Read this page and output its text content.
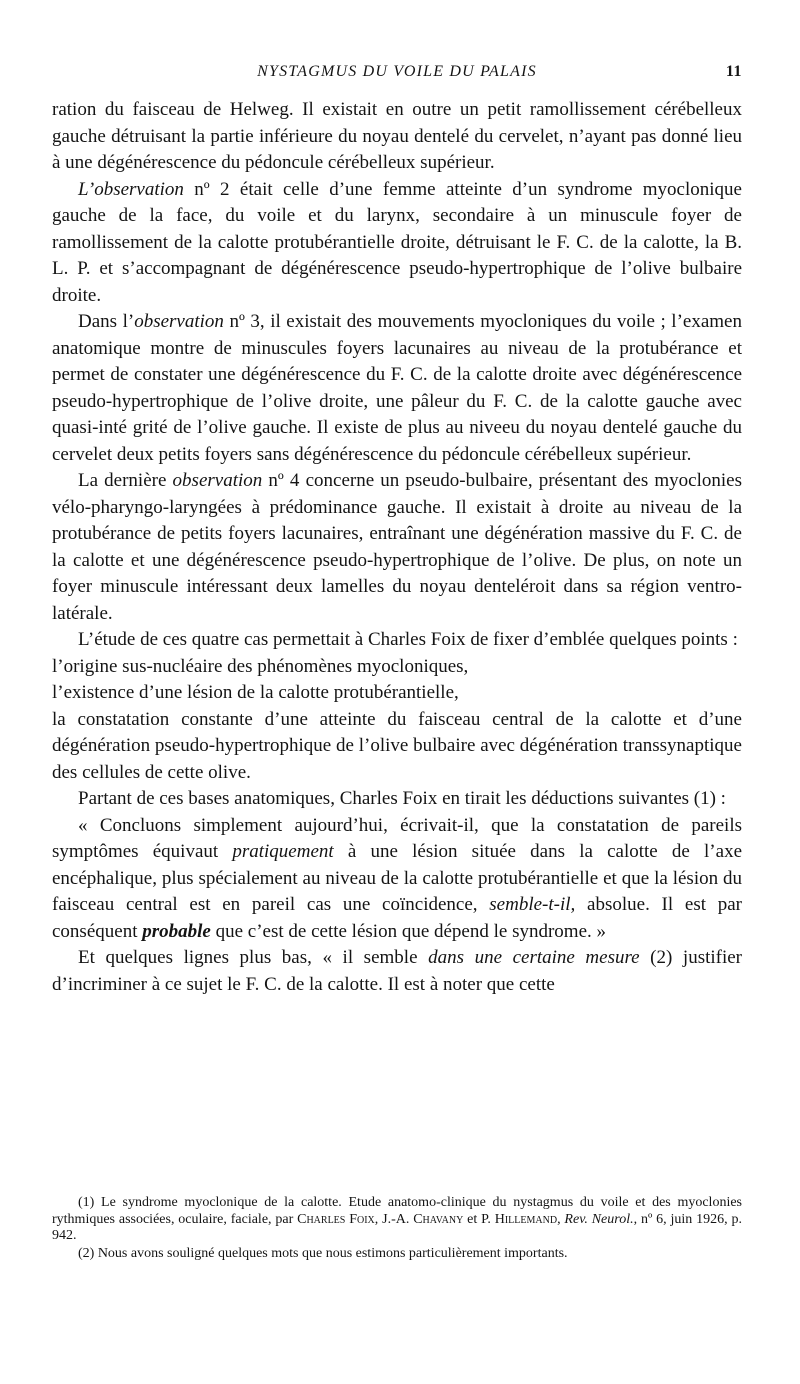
NYSTAGMUS DU VOILE DU PALAIS	11

ration du faisceau de Helweg. Il existait en outre un petit ramollissement cérébelleux gauche détruisant la partie inférieure du noyau dentelé du cervelet, n’ayant pas donné lieu à une dégénérescence du pédoncule cérébelleux supérieur.

L’observation nº 2 était celle d’une femme atteinte d’un syndrome myoclonique gauche de la face, du voile et du larynx, secondaire à un minuscule foyer de ramollissement de la calotte protubérantielle droite, détruisant le F. C. de la calotte, la B. L. P. et s’accompagnant de dégénérescence pseudo-hypertrophique de l’olive bulbaire droite.

Dans l’observation nº 3, il existait des mouvements myocloniques du voile ; l’examen anatomique montre de minuscules foyers lacunaires au niveau de la protubérance et permet de constater une dégénérescence du F. C. de la calotte droite avec dégénérescence pseudo-hypertrophique de l’olive droite, une pâleur du F. C. de la calotte gauche avec quasi-inté grité de l’olive gauche. Il existe de plus au niveeu du noyau dentelé gauche du cervelet deux petits foyers sans dégénérescence du pédoncule cérébelleux supérieur.

La dernière observation nº 4 concerne un pseudo-bulbaire, présentant des myoclonies vélo-pharyngo-laryngées à prédominance gauche. Il existait à droite au niveau de la protubérance de petits foyers lacunaires, entraînant une dégénération massive du F. C. de la calotte et une dégénérescence pseudo-hypertrophique de l’olive. De plus, on note un foyer minuscule intéressant deux lamelles du noyau denteléroit dans sa région ventro-latérale.

L’étude de ces quatre cas permettait à Charles Foix de fixer d’emblée quelques points :

l’origine sus-nucléaire des phénomènes myocloniques,

l’existence d’une lésion de la calotte protubérantielle,

la constatation constante d’une atteinte du faisceau central de la calotte et d’une dégénération pseudo-hypertrophique de l’olive bulbaire avec dégénération transsynaptique des cellules de cette olive.

Partant de ces bases anatomiques, Charles Foix en tirait les déductions suivantes (1) :

« Concluons simplement aujourd’hui, écrivait-il, que la constatation de pareils symptômes équivaut pratiquement à une lésion située dans la calotte de l’axe encéphalique, plus spécialement au niveau de la calotte protubérantielle et que la lésion du faisceau central est en pareil cas une coïncidence, semble-t-il, absolue. Il est par conséquent probable que c’est de cette lésion que dépend le syndrome. »

Et quelques lignes plus bas, « il semble dans une certaine mesure (2) justifier d’incriminer à ce sujet le F. C. de la calotte. Il est à noter que cette

(1) Le syndrome myoclonique de la calotte. Etude anatomo-clinique du nystagmus du voile et des myoclonies rythmiques associées, oculaire, faciale, par Charles Foix, J.-A. Chavany et P. Hillemand, Rev. Neurol., nº 6, juin 1926, p. 942.

(2) Nous avons souligné quelques mots que nous estimons particulièrement importants.
